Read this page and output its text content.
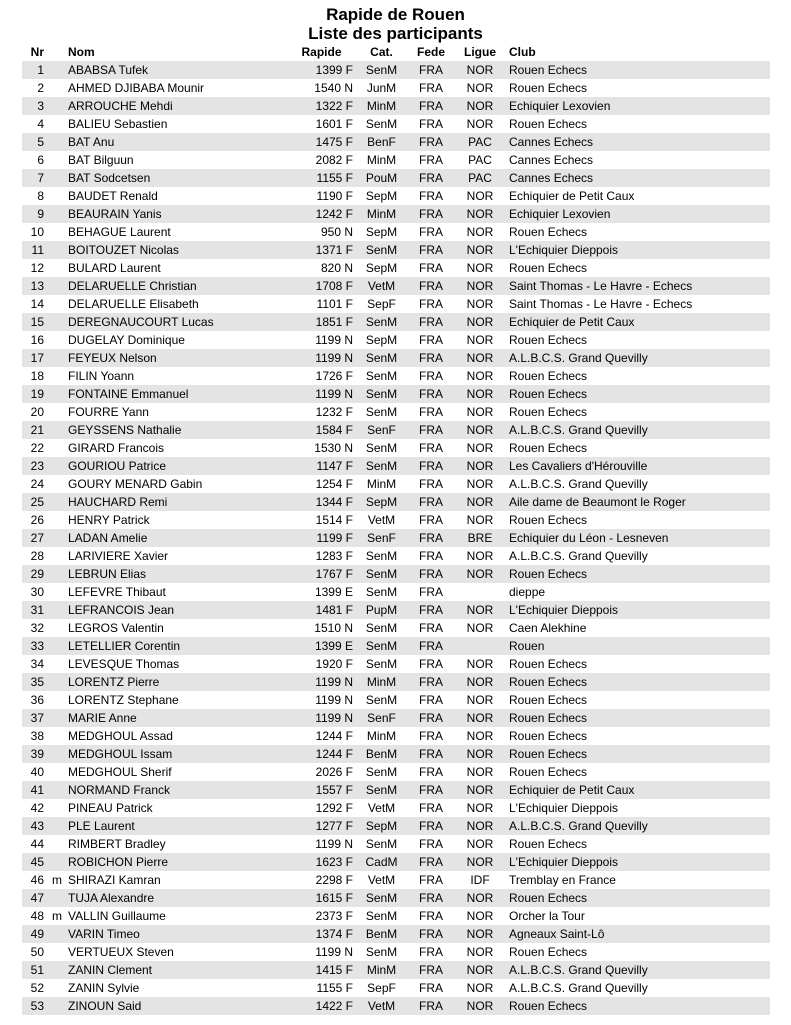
Rapide de Rouen
Liste des participants
Nr		Nom	Rapide	Cat.	Fede	Ligue	Club
1		ABABSA Tufek	1399 F	SenM	FRA	NOR	Rouen Echecs
2		AHMED DJIBABA Mounir	1540 N	JunM	FRA	NOR	Rouen Echecs
3		ARROUCHE Mehdi	1322 F	MinM	FRA	NOR	Echiquier Lexovien
4		BALIEU Sebastien	1601 F	SenM	FRA	NOR	Rouen Echecs
5		BAT Anu	1475 F	BenF	FRA	PAC	Cannes Echecs
6		BAT Bilguun	2082 F	MinM	FRA	PAC	Cannes Echecs
7		BAT Sodcetsen	1155 F	PouM	FRA	PAC	Cannes Echecs
8		BAUDET Renald	1190 F	SepM	FRA	NOR	Echiquier de Petit Caux
9		BEAURAIN Yanis	1242 F	MinM	FRA	NOR	Echiquier Lexovien
10		BEHAGUE Laurent	950 N	SepM	FRA	NOR	Rouen Echecs
11		BOITOUZET Nicolas	1371 F	SenM	FRA	NOR	L'Echiquier Dieppois
12		BULARD Laurent	820 N	SepM	FRA	NOR	Rouen Echecs
13		DELARUELLE Christian	1708 F	VetM	FRA	NOR	Saint Thomas - Le Havre - Echecs
14		DELARUELLE Elisabeth	1101 F	SepF	FRA	NOR	Saint Thomas - Le Havre - Echecs
15		DEREGNAUCOURT Lucas	1851 F	SenM	FRA	NOR	Echiquier de Petit Caux
16		DUGELAY Dominique	1199 N	SepM	FRA	NOR	Rouen Echecs
17		FEYEUX Nelson	1199 N	SenM	FRA	NOR	A.L.B.C.S. Grand Quevilly
18		FILIN Yoann	1726 F	SenM	FRA	NOR	Rouen Echecs
19		FONTAINE Emmanuel	1199 N	SenM	FRA	NOR	Rouen Echecs
20		FOURRE Yann	1232 F	SenM	FRA	NOR	Rouen Echecs
21		GEYSSENS Nathalie	1584 F	SenF	FRA	NOR	A.L.B.C.S. Grand Quevilly
22		GIRARD Francois	1530 N	SenM	FRA	NOR	Rouen Echecs
23		GOURIOU Patrice	1147 F	SenM	FRA	NOR	Les Cavaliers d'Hérouville
24		GOURY MENARD Gabin	1254 F	MinM	FRA	NOR	A.L.B.C.S. Grand Quevilly
25		HAUCHARD Remi	1344 F	SepM	FRA	NOR	Aile dame de Beaumont le Roger
26		HENRY Patrick	1514 F	VetM	FRA	NOR	Rouen Echecs
27		LADAN Amelie	1199 F	SenF	FRA	BRE	Echiquier du Léon - Lesneven
28		LARIVIERE Xavier	1283 F	SenM	FRA	NOR	A.L.B.C.S. Grand Quevilly
29		LEBRUN Elias	1767 F	SenM	FRA	NOR	Rouen Echecs
30		LEFEVRE Thibaut	1399 E	SenM	FRA		dieppe
31		LEFRANCOIS Jean	1481 F	PupM	FRA	NOR	L'Echiquier Dieppois
32		LEGROS Valentin	1510 N	SenM	FRA	NOR	Caen Alekhine
33		LETELLIER Corentin	1399 E	SenM	FRA		Rouen
34		LEVESQUE Thomas	1920 F	SenM	FRA	NOR	Rouen Echecs
35		LORENTZ Pierre	1199 N	MinM	FRA	NOR	Rouen Echecs
36		LORENTZ Stephane	1199 N	SenM	FRA	NOR	Rouen Echecs
37		MARIE Anne	1199 N	SenF	FRA	NOR	Rouen Echecs
38		MEDGHOUL Assad	1244 F	MinM	FRA	NOR	Rouen Echecs
39		MEDGHOUL Issam	1244 F	BenM	FRA	NOR	Rouen Echecs
40		MEDGHOUL Sherif	2026 F	SenM	FRA	NOR	Rouen Echecs
41		NORMAND Franck	1557 F	SenM	FRA	NOR	Echiquier de Petit Caux
42		PINEAU Patrick	1292 F	VetM	FRA	NOR	L'Echiquier Dieppois
43		PLE Laurent	1277 F	SepM	FRA	NOR	A.L.B.C.S. Grand Quevilly
44		RIMBERT Bradley	1199 N	SenM	FRA	NOR	Rouen Echecs
45		ROBICHON Pierre	1623 F	CadM	FRA	NOR	L'Echiquier Dieppois
46	m	SHIRAZI Kamran	2298 F	VetM	FRA	IDF	Tremblay en France
47		TUJA Alexandre	1615 F	SenM	FRA	NOR	Rouen Echecs
48	m	VALLIN Guillaume	2373 F	SenM	FRA	NOR	Orcher la Tour
49		VARIN Timeo	1374 F	BenM	FRA	NOR	Agneaux Saint-Lô
50		VERTUEUX Steven	1199 N	SenM	FRA	NOR	Rouen Echecs
51		ZANIN Clement	1415 F	MinM	FRA	NOR	A.L.B.C.S. Grand Quevilly
52		ZANIN Sylvie	1155 F	SepF	FRA	NOR	A.L.B.C.S. Grand Quevilly
53		ZINOUN Said	1422 F	VetM	FRA	NOR	Rouen Echecs
